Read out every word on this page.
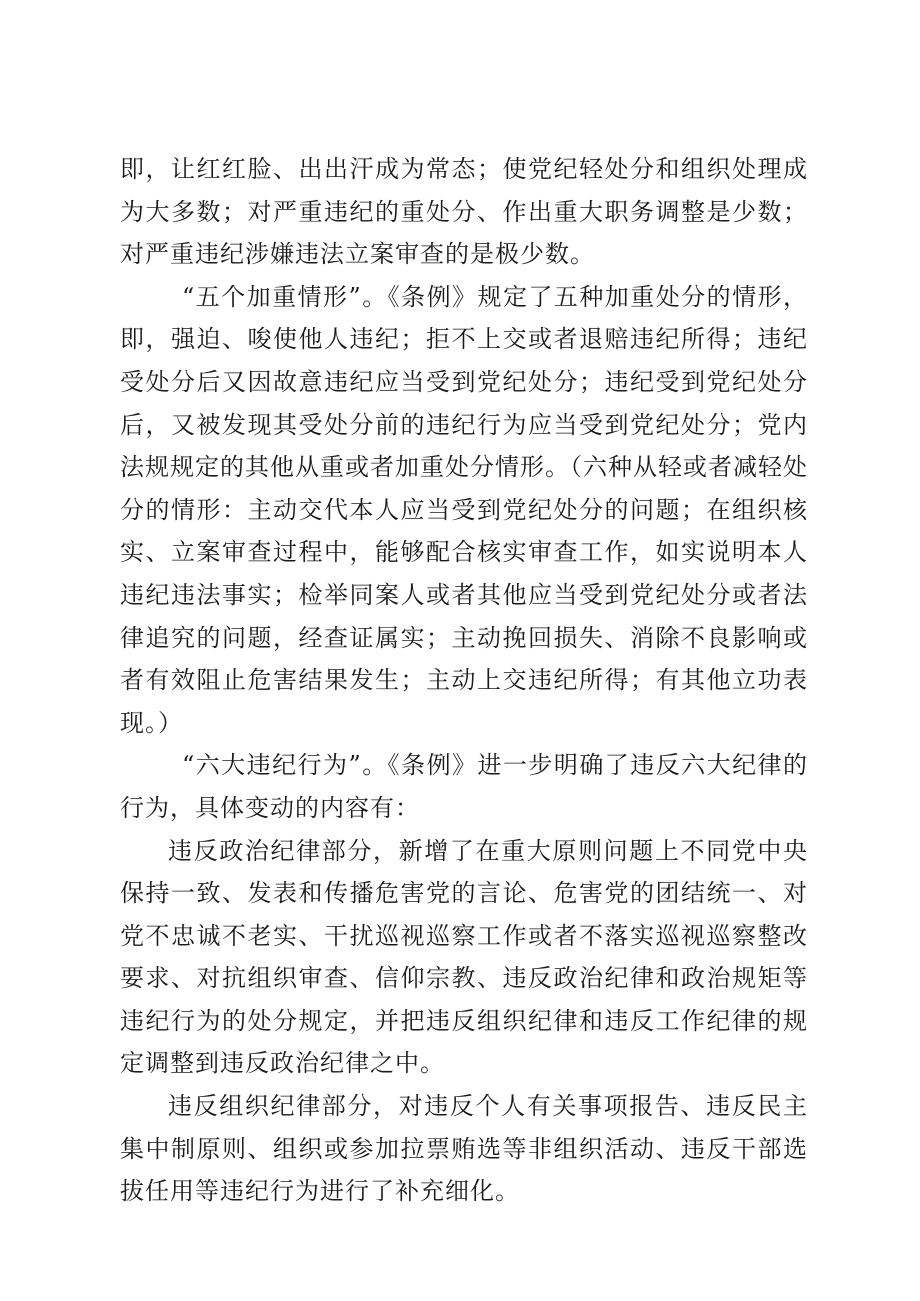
即，让红红脸、出出汗成为常态；使党纪轻处分和组织处理成为大多数；对严重违纪的重处分、作出重大职务调整是少数；对严重违纪涉嫌违法立案审查的是极少数。

“五个加重情形”。《条例》规定了五种加重处分的情形，即，强迫、唆使他人违纪；拒不上交或者退赔违纪所得；违纪受处分后又因故意违纪应当受到党纪处分；违纪受到党纪处分后，又被发现其受处分前的违纪行为应当受到党纪处分；党内法规规定的其他从重或者加重处分情形。（六种从轻或者减轻处分的情形：主动交代本人应当受到党纪处分的问题；在组织核实、立案审查过程中，能够配合核实审查工作，如实说明本人违纪违法事实；检举同案人或者其他应当受到党纪处分或者法律追究的问题，经查证属实；主动挽回损失、消除不良影响或者有效阻止危害结果发生；主动上交违纪所得；有其他立功表现。）

“六大违纪行为”。《条例》进一步明确了违反六大纪律的行为，具体变动的内容有：

违反政治纪律部分，新增了在重大原则问题上不同党中央保持一致、发表和传播危害党的言论、危害党的团结统一、对党不忠诚不老实、干扰巡视巡察工作或者不落实巡视巡察整改要求、对抗组织审查、信仰宗教、违反政治纪律和政治规矩等违纪行为的处分规定，并把违反组织纪律和违反工作纪律的规定调整到违反政治纪律之中。

违反组织纪律部分，对违反个人有关事项报告、违反民主集中制原则、组织或参加拉票贿选等非组织活动、违反干部选拔任用等违纪行为进行了补充细化。
